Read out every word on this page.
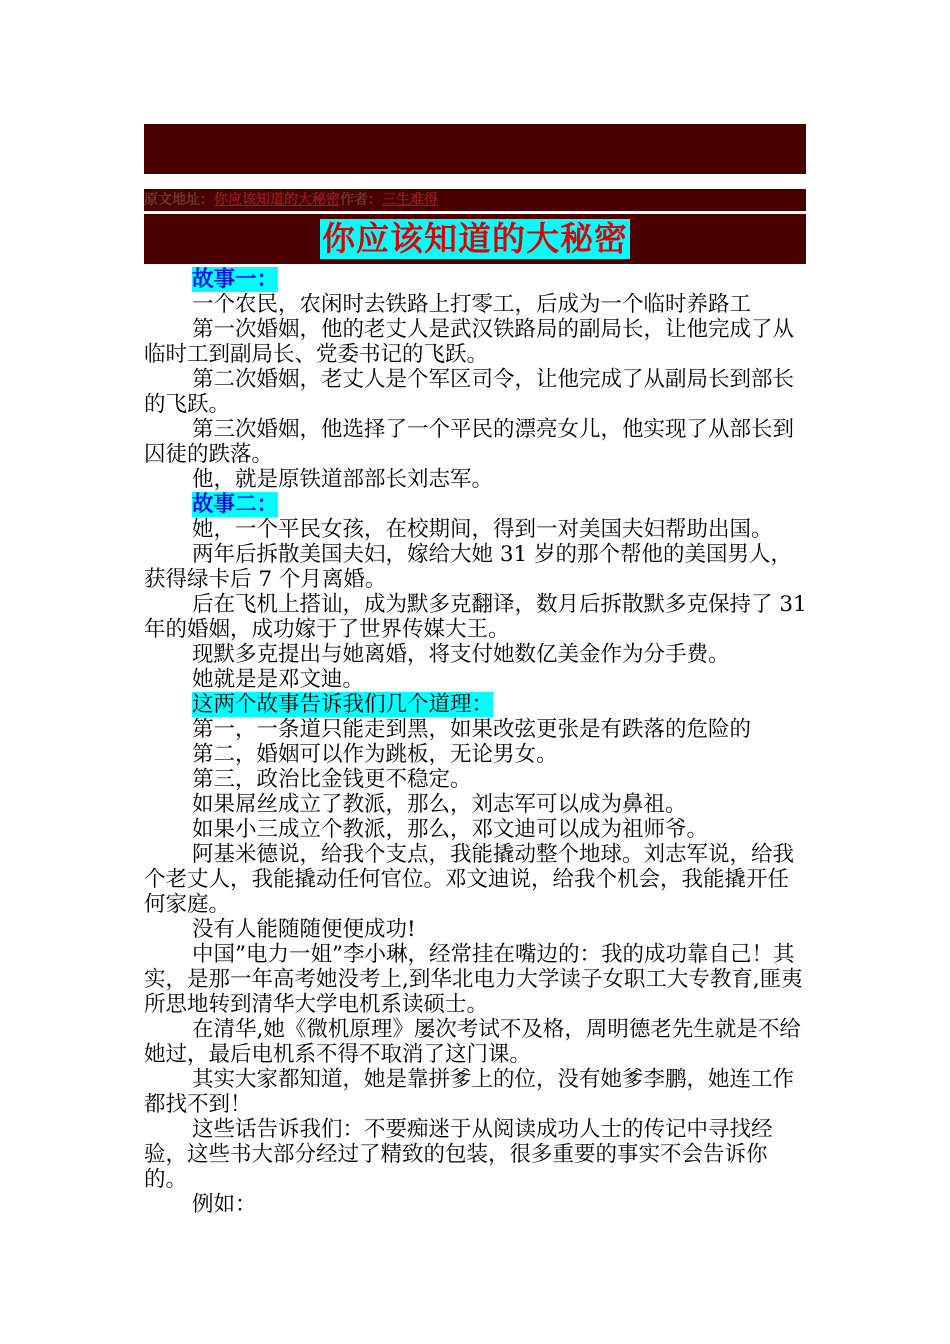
原文地址：你应该知道的大秘密作者：三生难得
你应该知道的大秘密

故事一：

一个农民，农闲时去铁路上打零工，后成为一个临时养路工

第一次婚姻，他的老丈人是武汉铁路局的副局长，让他完成了从临时工到副局长、党委书记的飞跃。

第二次婚姻，老丈人是个军区司令，让他完成了从副局长到部长的飞跃。

第三次婚姻，他选择了一个平民的漂亮女儿，他实现了从部长到囚徒的跌落。

他，就是原铁道部部长刘志军。

故事二：

她，一个平民女孩，在校期间，得到一对美国夫妇帮助出国。

两年后拆散美国夫妇，嫁给大她 31 岁的那个帮他的美国男人，获得绿卡后 7 个月离婚。

后在飞机上搭讪，成为默多克翻译，数月后拆散默多克保持了 31 年的婚姻，成功嫁于了世界传媒大王。

现默多克提出与她离婚，将支付她数亿美金作为分手费。

她就是是邓文迪。

这两个故事告诉我们几个道理：

第一，一条道只能走到黑，如果改弦更张是有跌落的危险的

第二，婚姻可以作为跳板，无论男女。

第三，政治比金钱更不稳定。

如果屌丝成立了教派，那么，刘志军可以成为鼻祖。

如果小三成立个教派，那么，邓文迪可以成为祖师爷。

阿基米德说，给我个支点，我能撬动整个地球。刘志军说，给我个老丈人，我能撬动任何官位。邓文迪说，给我个机会，我能撬开任何家庭。

没有人能随随便便成功!

中国”电力一姐”李小琳，经常挂在嘴边的：我的成功靠自己！其实，是那一年高考她没考上,到华北电力大学读子女职工大专教育,匪夷所思地转到清华大学电机系读硕士。

在清华,她《微机原理》屡次考试不及格，周明德老先生就是不给她过，最后电机系不得不取消了这门课。

其实大家都知道，她是靠拼爹上的位，没有她爹李鹏，她连工作都找不到！

这些话告诉我们：不要痴迷于从阅读成功人士的传记中寻找经验，这些书大部分经过了精致的包装，很多重要的事实不会告诉你的。

例如：
